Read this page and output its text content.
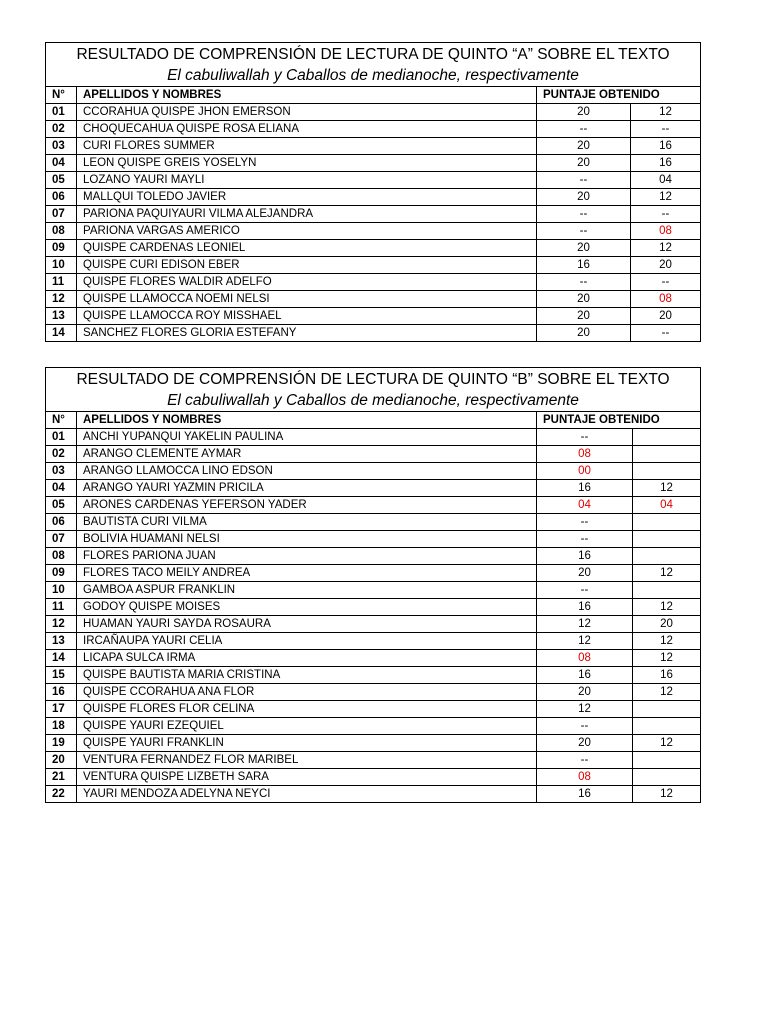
RESULTADO DE COMPRENSIÓN DE LECTURA DE QUINTO “A” SOBRE EL TEXTO
El cabuliwallah y Caballos de medianoche, respectivamente			

N°	APELLIDOS Y NOMBRES	PUNTAJE OBTENIDO	
01	CCORAHUA QUISPE JHON EMERSON	20	12
02	CHOQUECAHUA QUISPE ROSA ELIANA	--	--
03	CURI FLORES SUMMER	20	16
04	LEON QUISPE GREIS YOSELYN	20	16
05	LOZANO YAURI MAYLI	--	04
06	MALLQUI TOLEDO JAVIER	20	12
07	PARIONA PAQUIYAURI VILMA ALEJANDRA	--	--
08	PARIONA VARGAS AMERICO	--	08
09	QUISPE CARDENAS LEONIEL	20	12
10	QUISPE CURI EDISON EBER	16	20
11	QUISPE FLORES WALDIR ADELFO	--	--
12	QUISPE LLAMOCCA NOEMI NELSI	20	08
13	QUISPE LLAMOCCA ROY MISSHAEL	20	20
14	SANCHEZ FLORES GLORIA ESTEFANY	20	--
RESULTADO DE COMPRENSIÓN DE LECTURA DE QUINTO “B” SOBRE EL TEXTO
El cabuliwallah y Caballos de medianoche, respectivamente			

N°	APELLIDOS Y NOMBRES	PUNTAJE OBTENIDO	
01	ANCHI YUPANQUI YAKELIN PAULINA	--	
02	ARANGO CLEMENTE AYMAR	08	
03	ARANGO LLAMOCCA LINO EDSON	00	
04	ARANGO YAURI YAZMIN PRICILA	16	12
05	ARONES CARDENAS YEFERSON YADER	04	04
06	BAUTISTA CURI VILMA	--	
07	BOLIVIA HUAMANI NELSI	--	
08	FLORES PARIONA JUAN	16	
09	FLORES TACO MEILY ANDREA	20	12
10	GAMBOA ASPUR FRANKLIN	--	
11	GODOY QUISPE MOISES	16	12
12	HUAMAN YAURI SAYDA ROSAURA	12	20
13	IRCAÑAUPA YAURI CELIA	12	12
14	LICAPA SULCA IRMA	08	12
15	QUISPE BAUTISTA MARIA CRISTINA	16	16
16	QUISPE CCORAHUA ANA FLOR	20	12
17	QUISPE FLORES FLOR CELINA	12	
18	QUISPE YAURI EZEQUIEL	--	
19	QUISPE YAURI FRANKLIN	20	12
20	VENTURA FERNANDEZ FLOR MARIBEL	--	
21	VENTURA QUISPE LIZBETH SARA	08	
22	YAURI MENDOZA ADELYNA NEYCI	16	12
